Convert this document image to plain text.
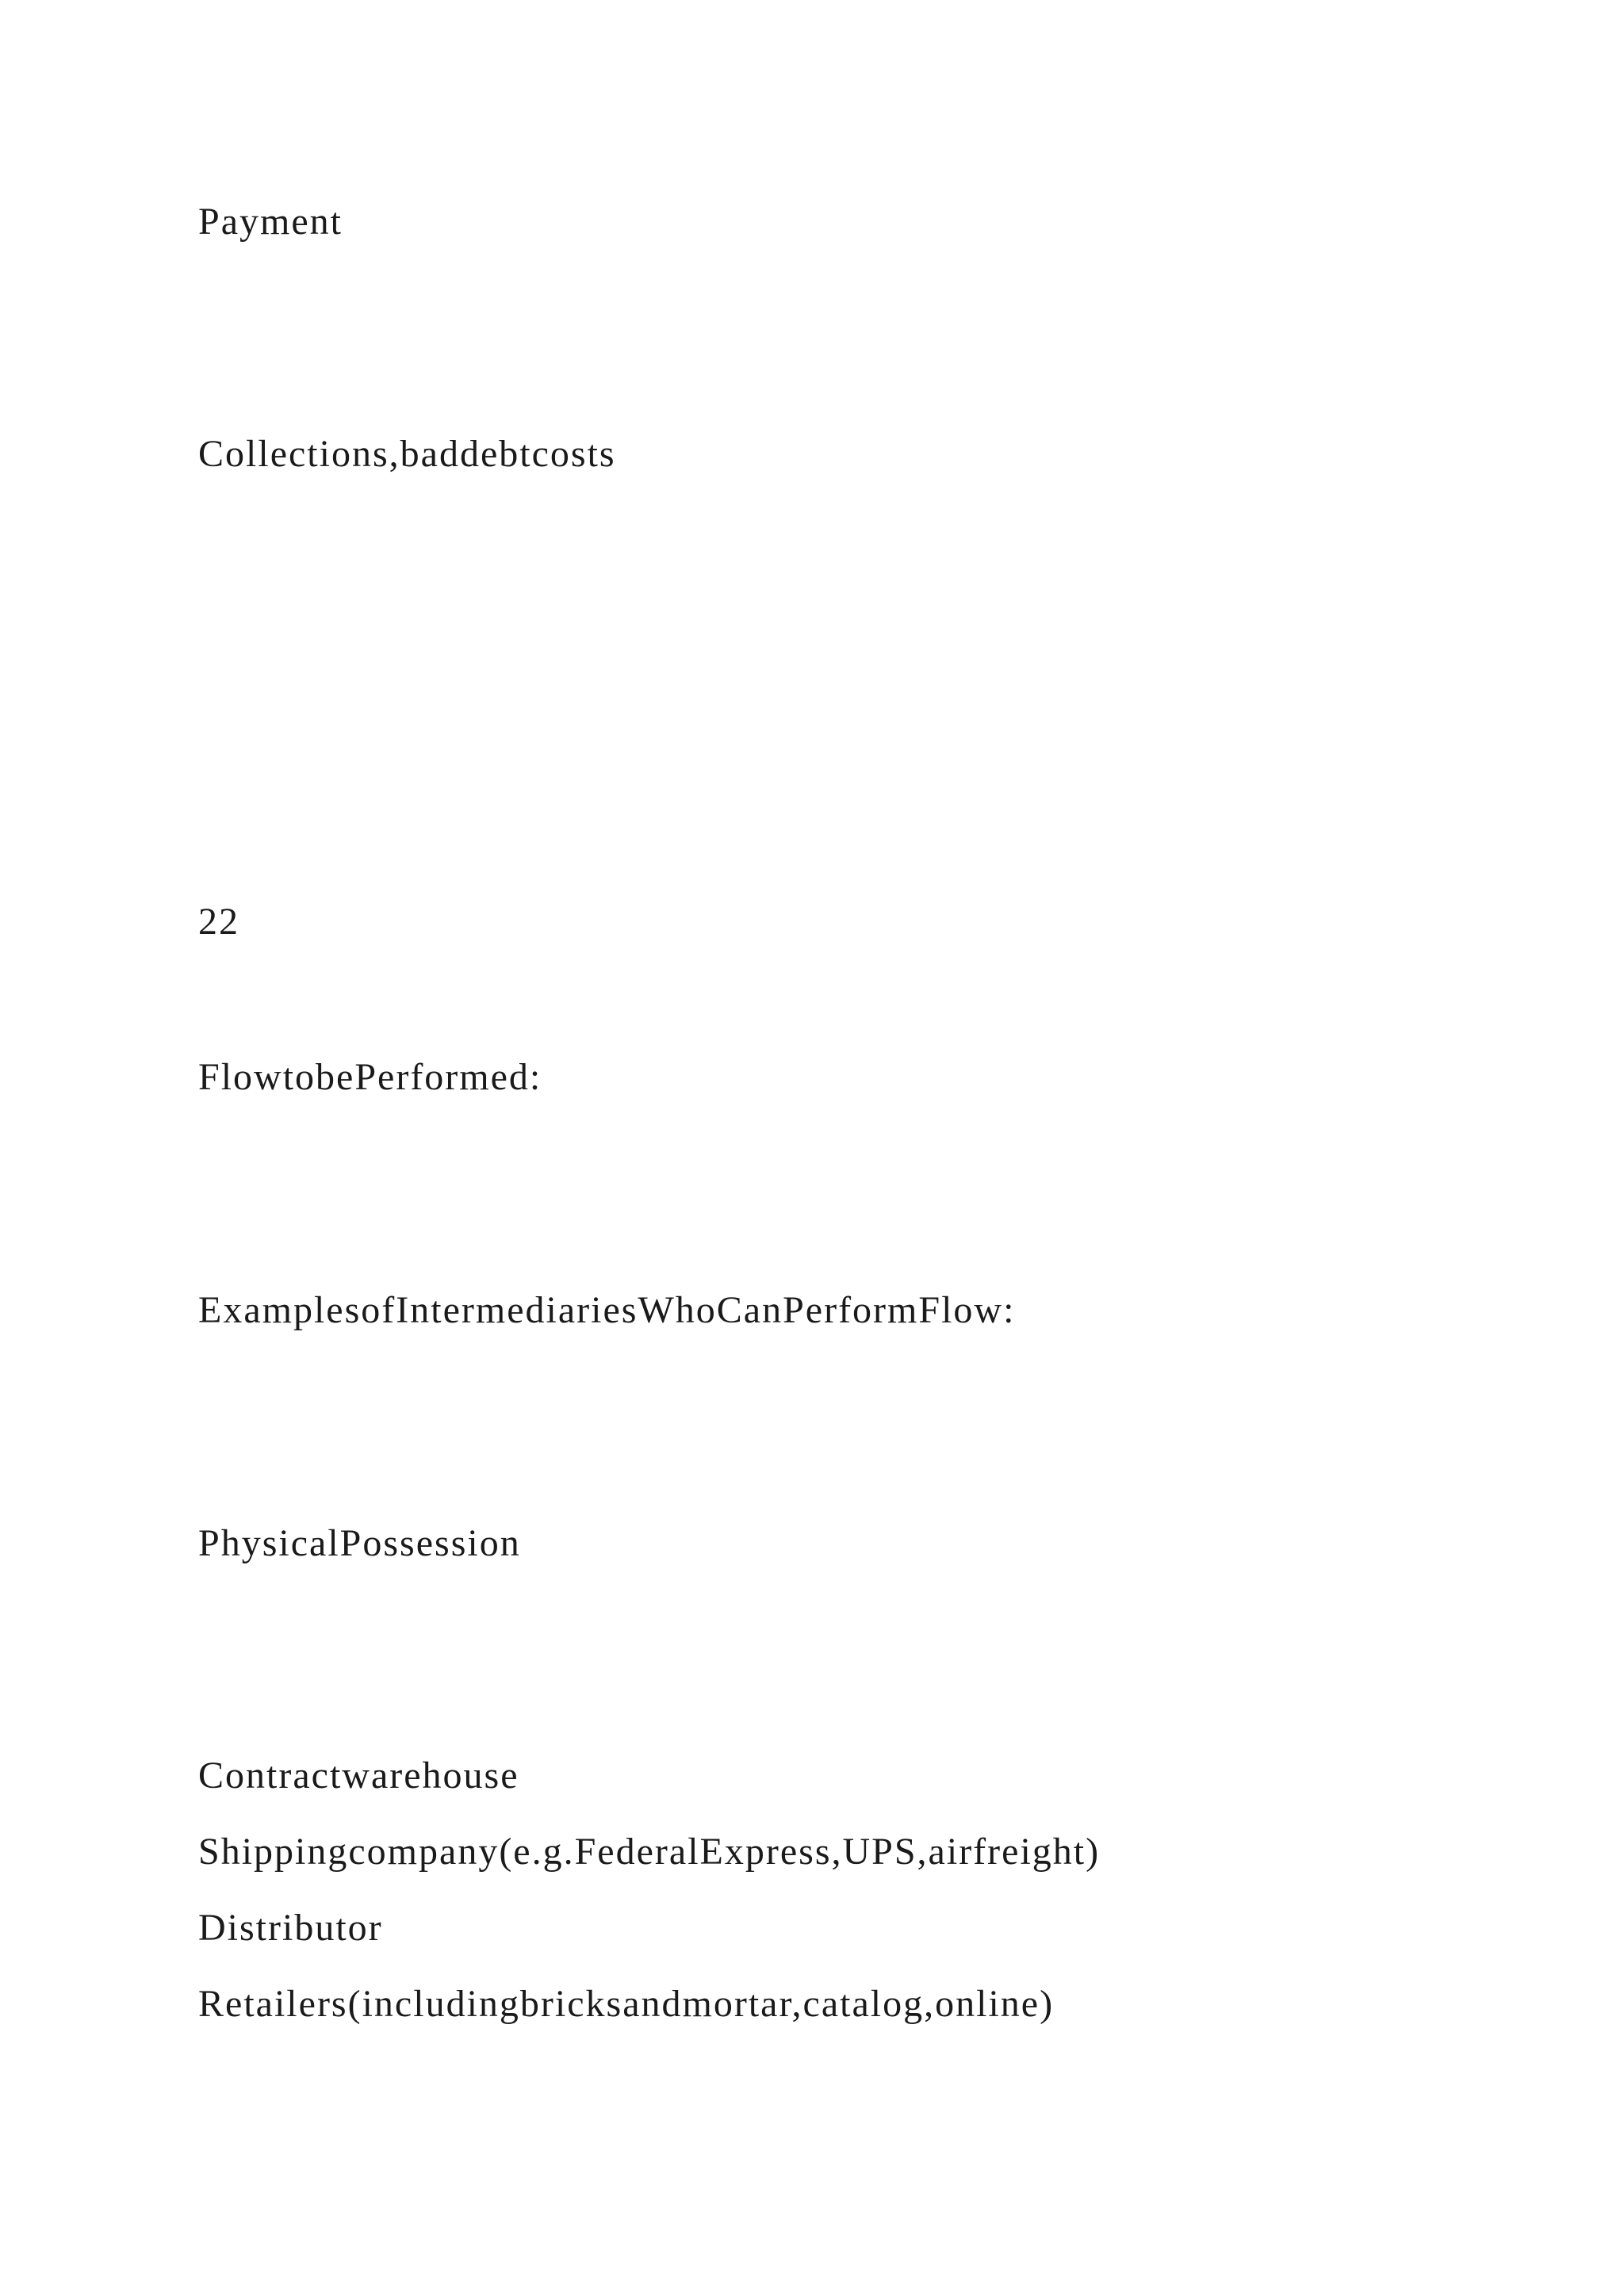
Payment

Collections,baddebtcosts

22

FlowtobePerformed:

ExamplesofIntermediariesWhoCanPerformFlow:

PhysicalPossession

Contractwarehouse

Shippingcompany(e.g.FederalExpress,UPS,airfreight)

Distributor

Retailers(includingbricksandmortar,catalog,online)
